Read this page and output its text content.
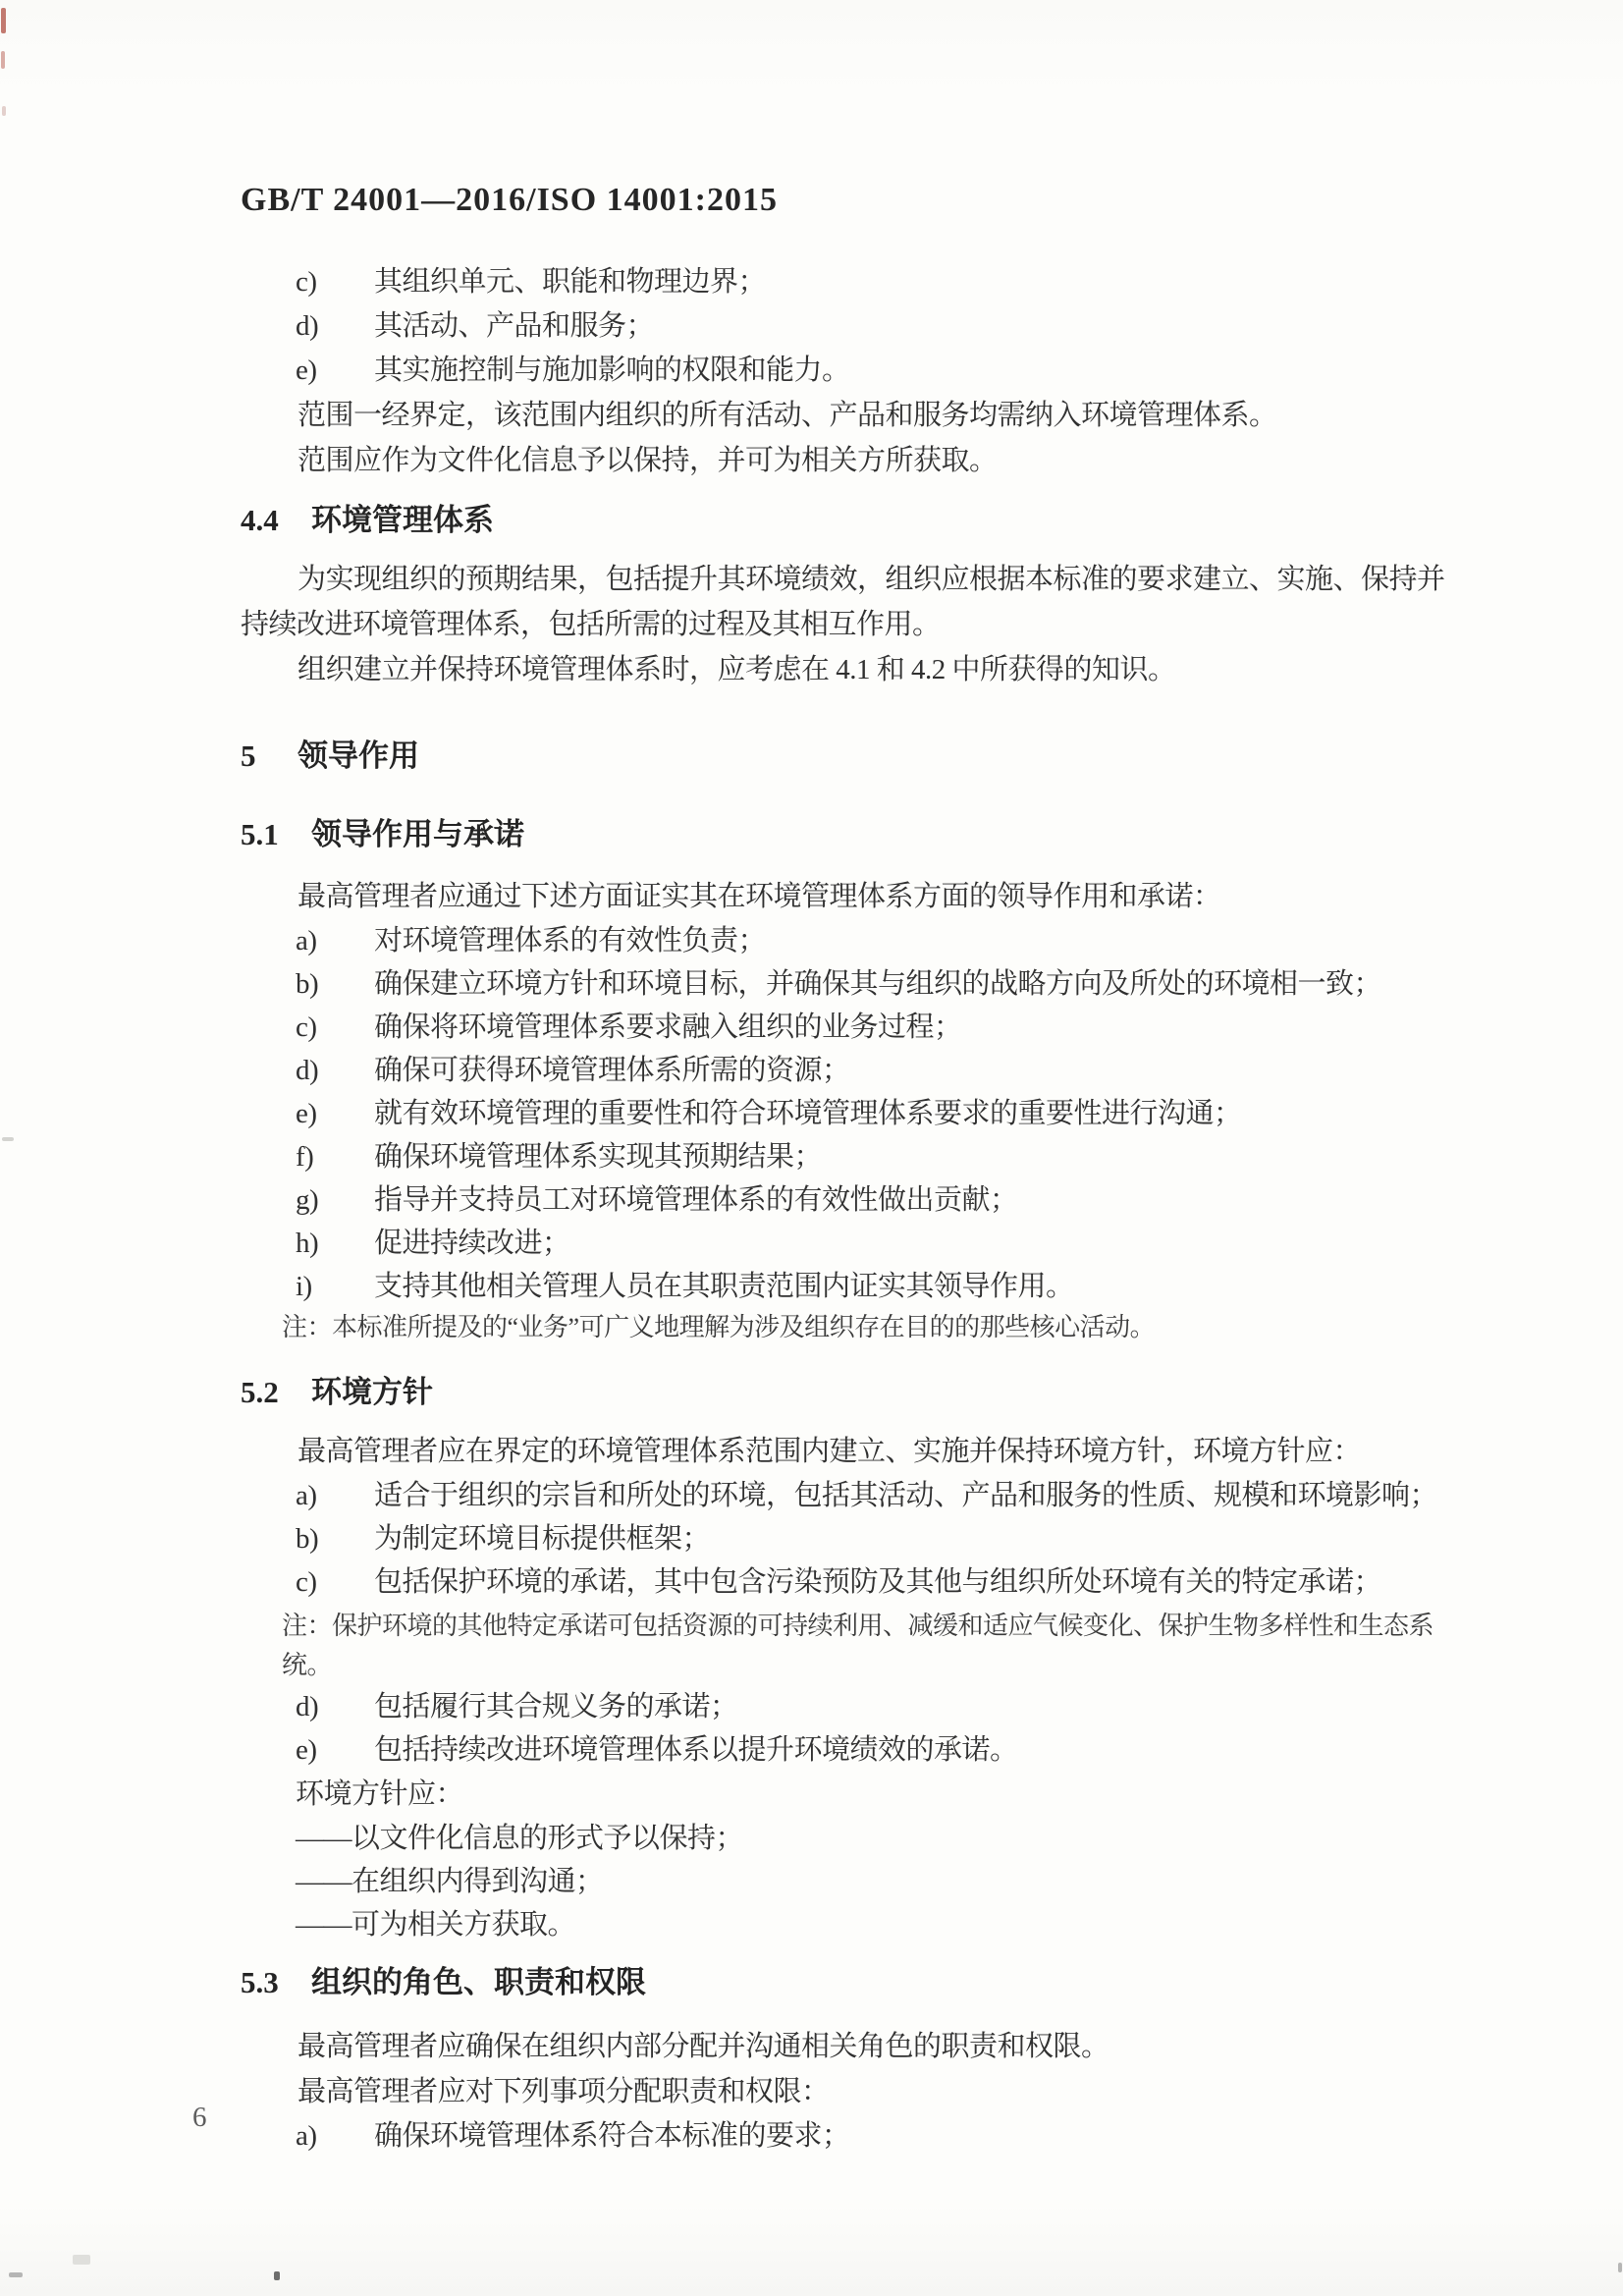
GB/T 24001—2016/ISO 14001:2015
c)	其组织单元、职能和物理边界；
d)	其活动、产品和服务；
e)	其实施控制与施加影响的权限和能力。
范围一经界定，该范围内组织的所有活动、产品和服务均需纳入环境管理体系。
范围应作为文件化信息予以保持，并可为相关方所获取。
4.4 环境管理体系
为实现组织的预期结果，包括提升其环境绩效，组织应根据本标准的要求建立、实施、保持并持续改进环境管理体系，包括所需的过程及其相互作用。
组织建立并保持环境管理体系时，应考虑在 4.1 和 4.2 中所获得的知识。
5 领导作用
5.1 领导作用与承诺
最高管理者应通过下述方面证实其在环境管理体系方面的领导作用和承诺：
a)	对环境管理体系的有效性负责；
b)	确保建立环境方针和环境目标，并确保其与组织的战略方向及所处的环境相一致；
c)	确保将环境管理体系要求融入组织的业务过程；
d)	确保可获得环境管理体系所需的资源；
e)	就有效环境管理的重要性和符合环境管理体系要求的重要性进行沟通；
f)	确保环境管理体系实现其预期结果；
g)	指导并支持员工对环境管理体系的有效性做出贡献；
h)	促进持续改进；
i)	支持其他相关管理人员在其职责范围内证实其领导作用。
注：本标准所提及的“业务”可广义地理解为涉及组织存在目的的那些核心活动。
5.2 环境方针
最高管理者应在界定的环境管理体系范围内建立、实施并保持环境方针，环境方针应：
a)	适合于组织的宗旨和所处的环境，包括其活动、产品和服务的性质、规模和环境影响；
b)	为制定环境目标提供框架；
c)	包括保护环境的承诺，其中包含污染预防及其他与组织所处环境有关的特定承诺；
注：保护环境的其他特定承诺可包括资源的可持续利用、减缓和适应气候变化、保护生物多样性和生态系统。
d)	包括履行其合规义务的承诺；
e)	包括持续改进环境管理体系以提升环境绩效的承诺。
环境方针应：
——以文件化信息的形式予以保持；
——在组织内得到沟通；
——可为相关方获取。
5.3 组织的角色、职责和权限
最高管理者应确保在组织内部分配并沟通相关角色的职责和权限。
最高管理者应对下列事项分配职责和权限：
a)	确保环境管理体系符合本标准的要求；
6
